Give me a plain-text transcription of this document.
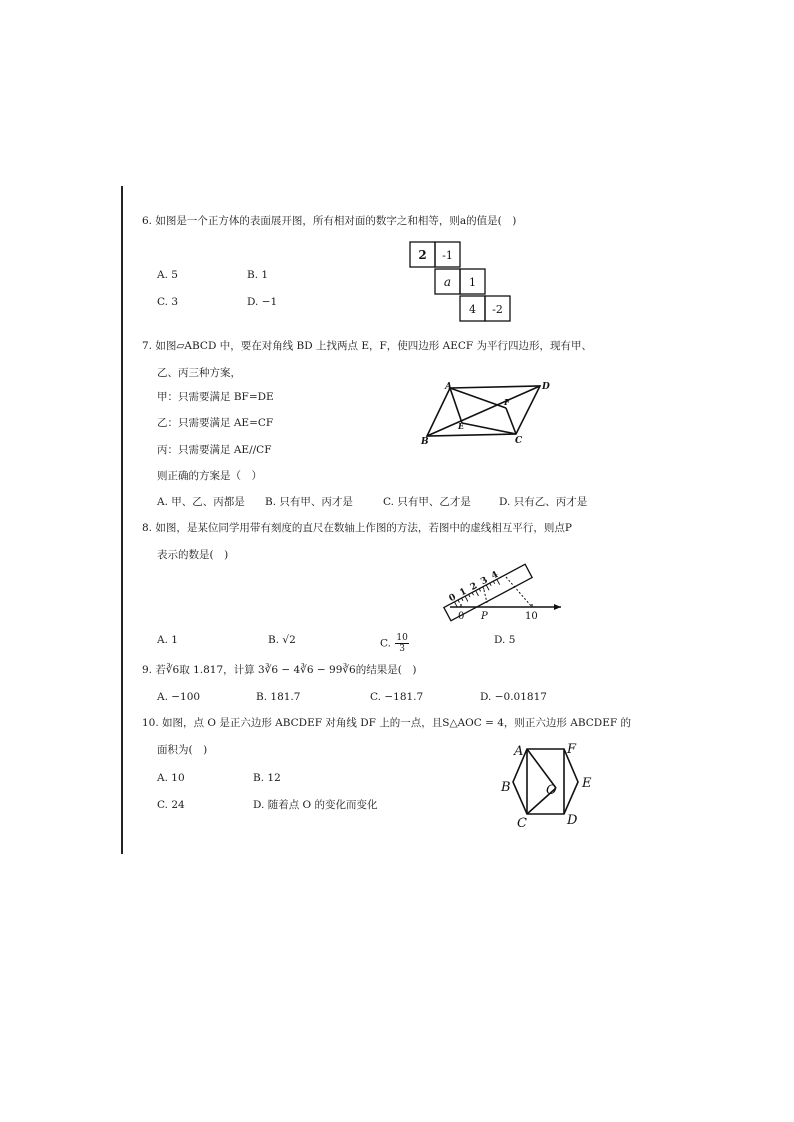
6. 如图是一个正方体的表面展开图，所有相对面的数字之和相等，则a的值是(　)
A. 5	B. 1
C. 3	D. −1
2 -1
a 1
4 -2
7. 如图▱ABCD 中，要在对角线 BD 上找两点 E，F，使四边形 AECF 为平行四边形，现有甲、
乙、丙三种方案，
甲：只需要满足 BF=DE
乙：只需要满足 AE=CF
丙：只需要满足 AE//CF
则正确的方案是（　）
A. 甲、乙、丙都是 B. 只有甲、丙才是	C. 只有甲、乙才是	D. 只有乙、丙才是
A	D
F
E
B	C
8. 如图，是某位同学用带有刻度的直尺在数轴上作图的方法，若图中的虚线相互平行，则点P
表示的数是(　)
A. 1	B. √2	C. $\frac{10}{3}$	D. 5
0 1 2 3 4
0 P	10
9. 若∛6取 1.817，计算 3∛6 − 4∛6 − 99∛6的结果是(　)
A. −100	B. 181.7	C. −181.7	D. −0.01817
10. 如图，点 O 是正六边形 ABCDEF 对角线 DF 上的一点，且S△AOC = 4，则正六边形 ABCDEF 的
面积为(　)
A. 10	B. 12
C. 24	D. 随着点 O 的变化而变化
A	F
B	E
O
C	D
